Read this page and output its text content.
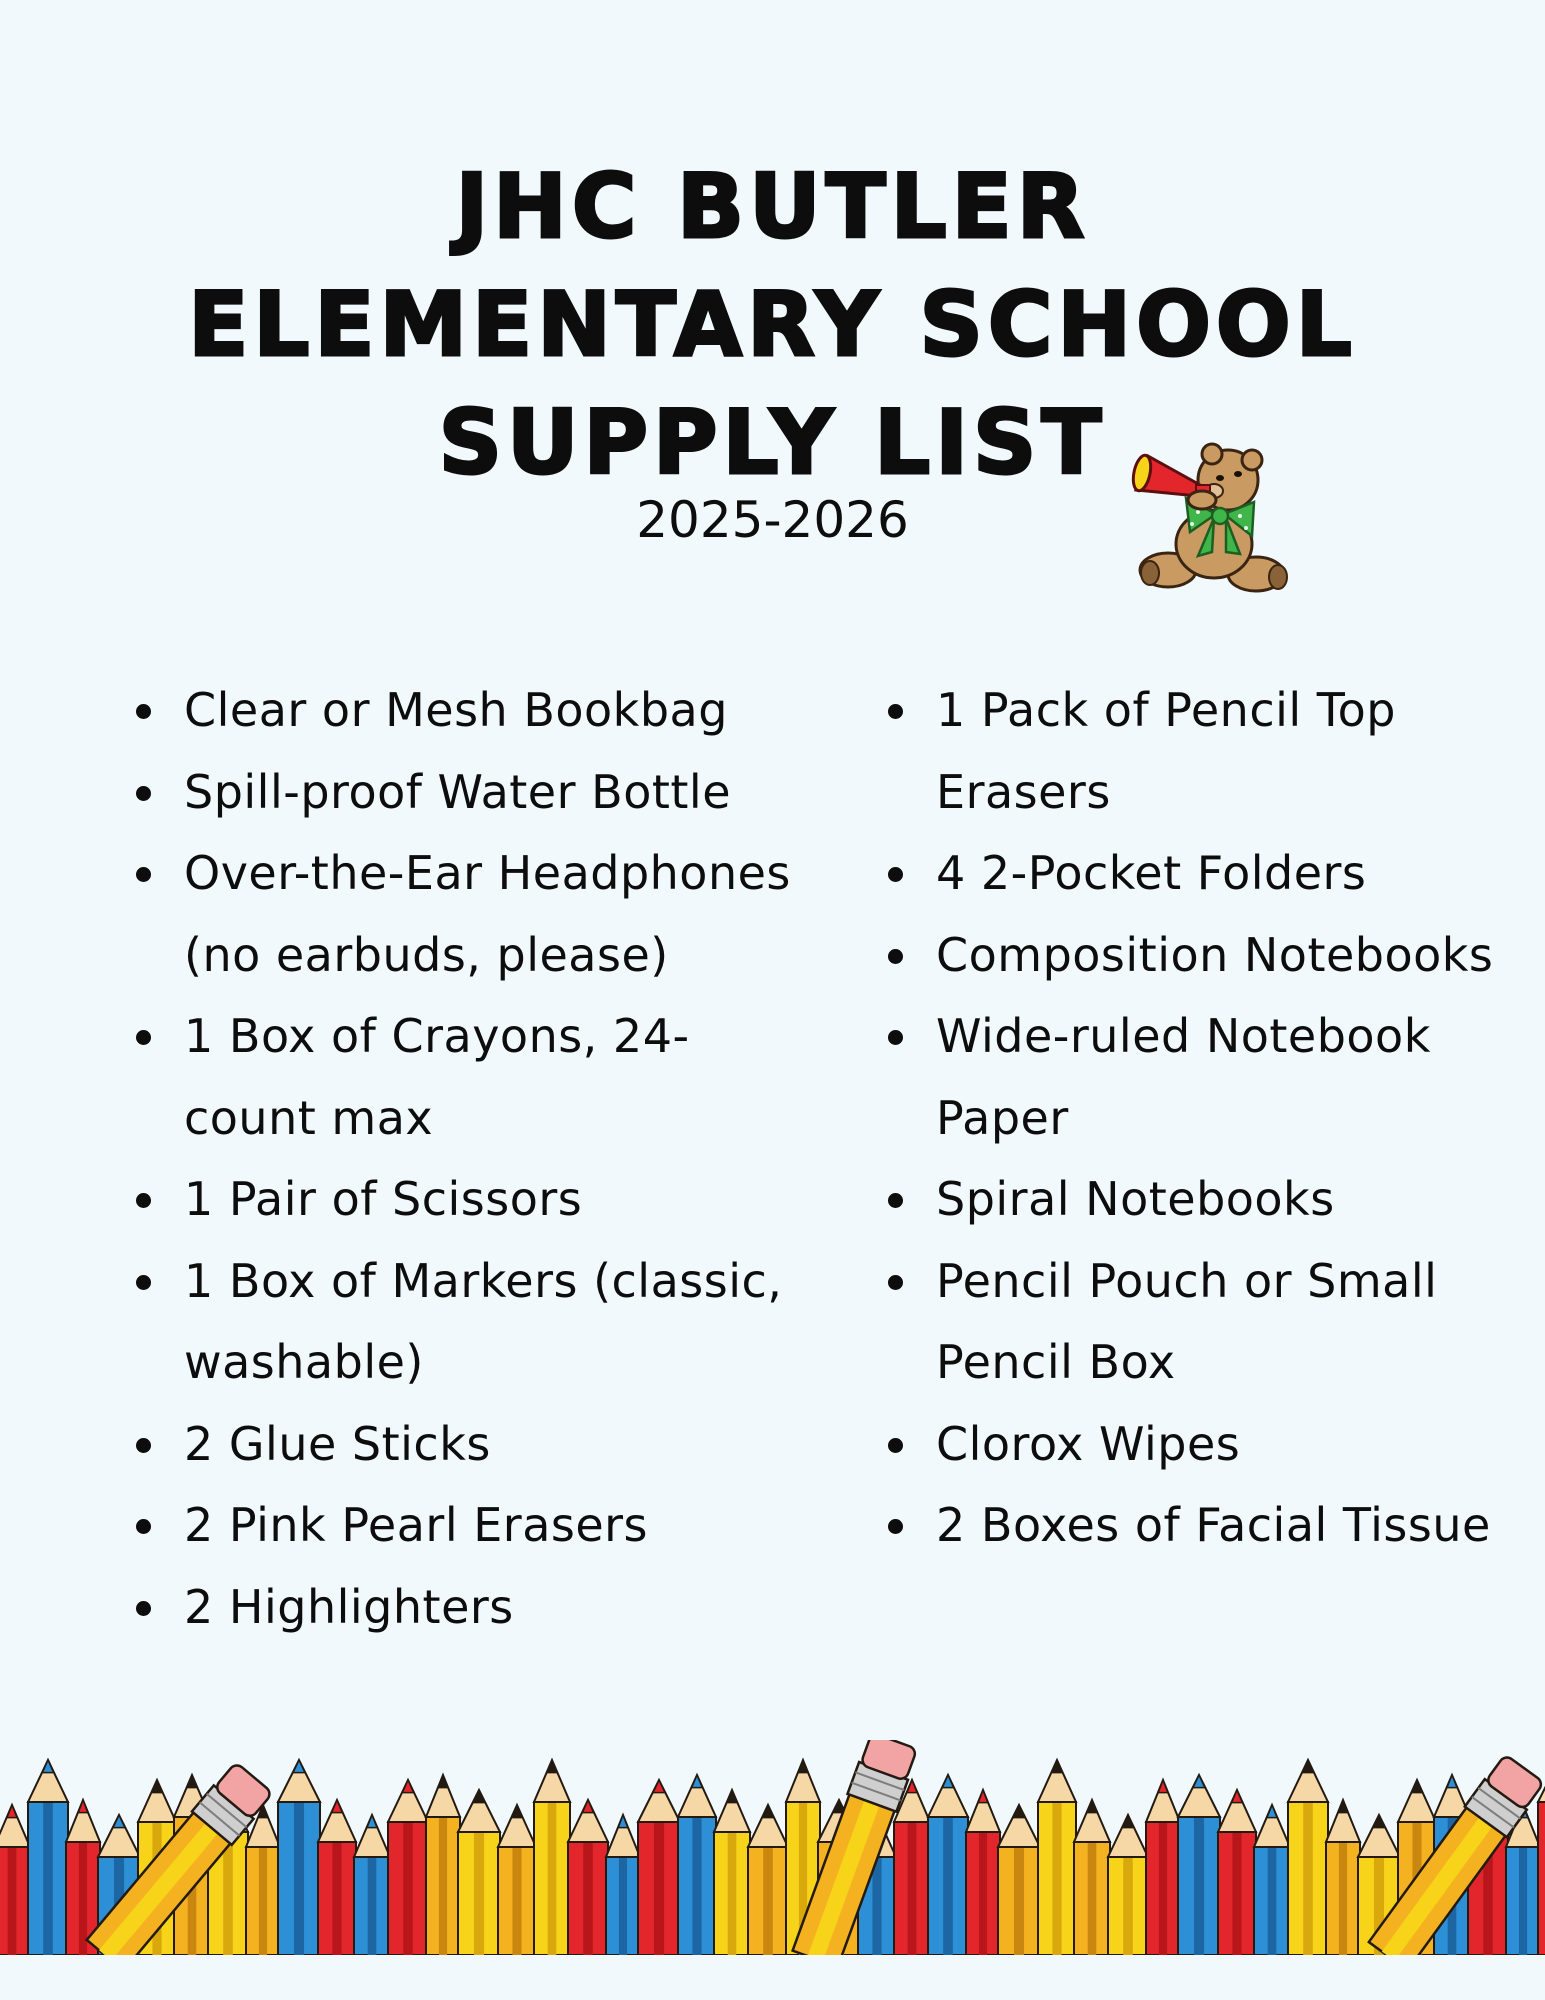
JHC BUTLER

ELEMENTARY SCHOOL

SUPPLY LIST

2025-2026
Clear or Mesh Bookbag
Spill-proof Water Bottle
Over-the-Ear Headphones (no earbuds, please)
1 Box of Crayons, 24-count max
1 Pair of Scissors
1 Box of Markers (classic, washable)
2 Glue Sticks
2 Pink Pearl Erasers
2 Highlighters
1 Pack of Pencil Top Erasers
4 2-Pocket Folders
Composition Notebooks
Wide-ruled Notebook Paper
Spiral Notebooks
Pencil Pouch or Small Pencil Box
Clorox Wipes
2 Boxes of Facial Tissue
